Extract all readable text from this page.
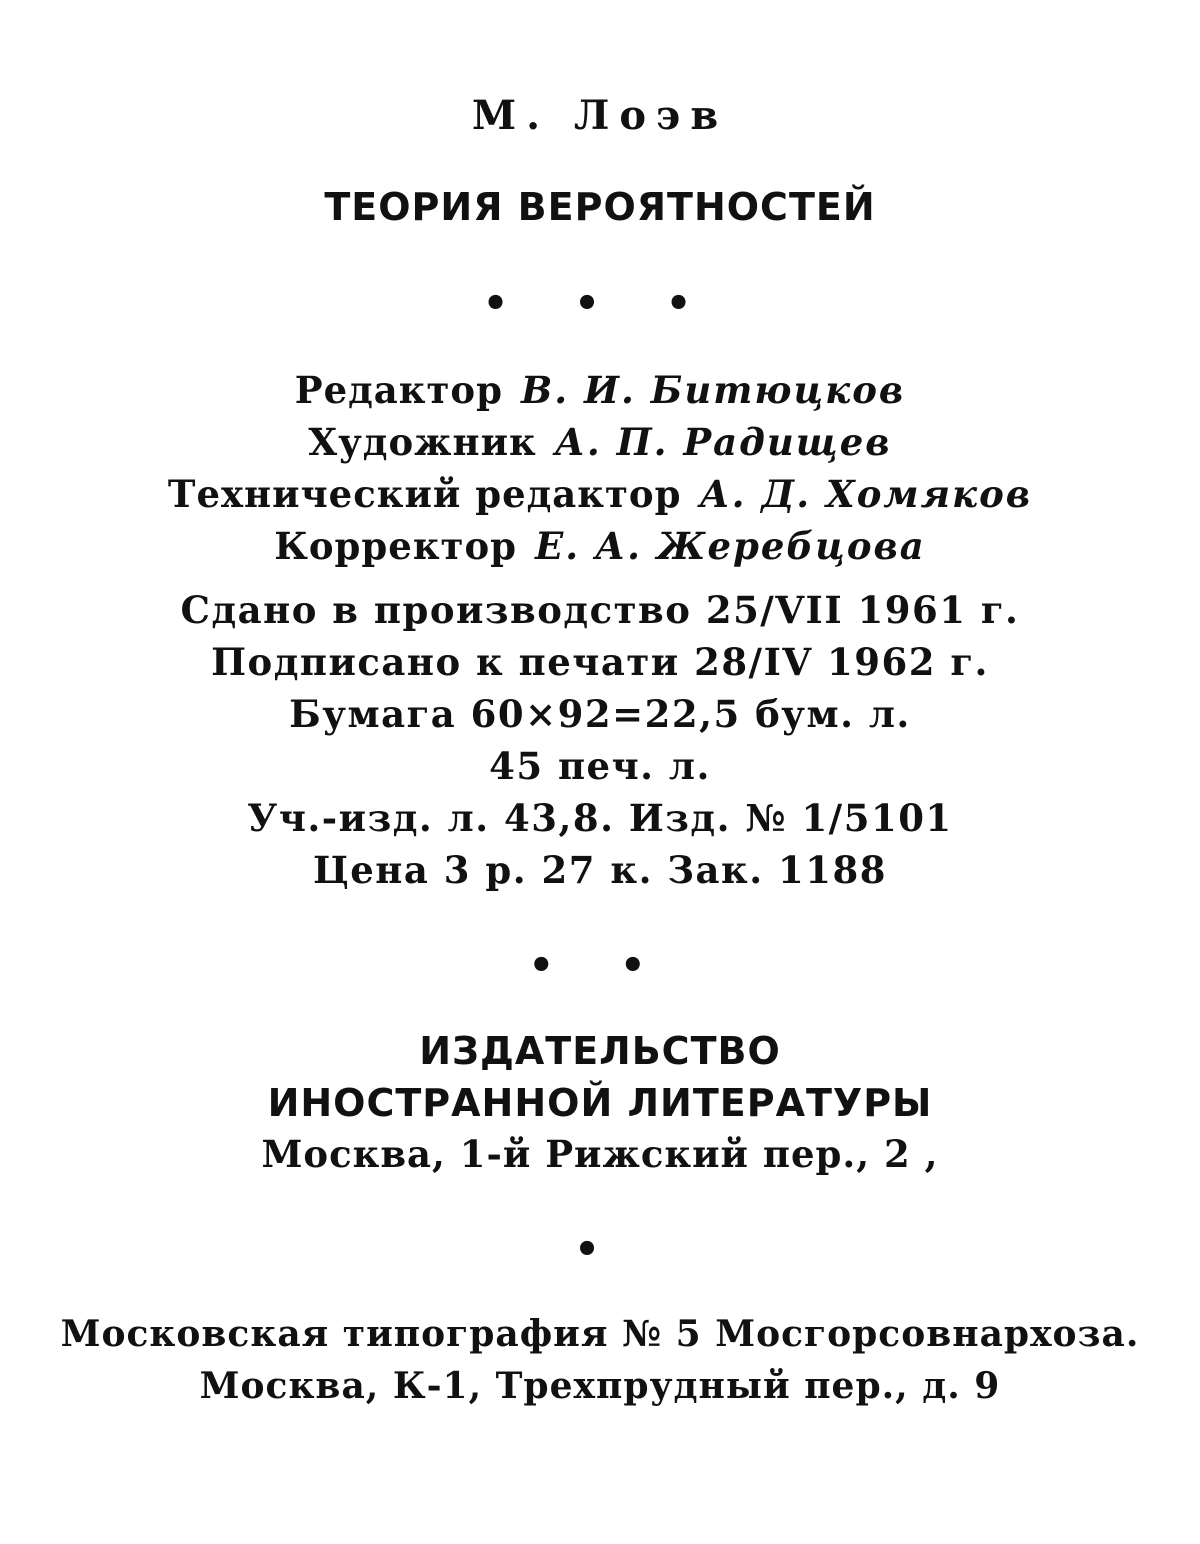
М. Лоэв
ТЕОРИЯ ВЕРОЯТНОСТЕЙ
• • •
Редактор В. И. Битюцков
Художник А. П. Радищев
Технический редактор А. Д. Хомяков
Корректор Е. А. Жеребцова
Сдано в производство 25/VII 1961 г.
Подписано к печати 28/IV 1962 г.
Бумага 60×92=22,5 бум. л.
45 печ. л.
Уч.-изд. л. 43,8. Изд. № 1/5101
Цена 3 р. 27 к. Зак. 1188
• •
ИЗДАТЕЛЬСТВО
ИНОСТРАННОЙ ЛИТЕРАТУРЫ
Москва, 1-й Рижский пер., 2 ,
•
Московская типография № 5 Мосгорсовнархоза.
Москва, К-1, Трехпрудный пер., д. 9
